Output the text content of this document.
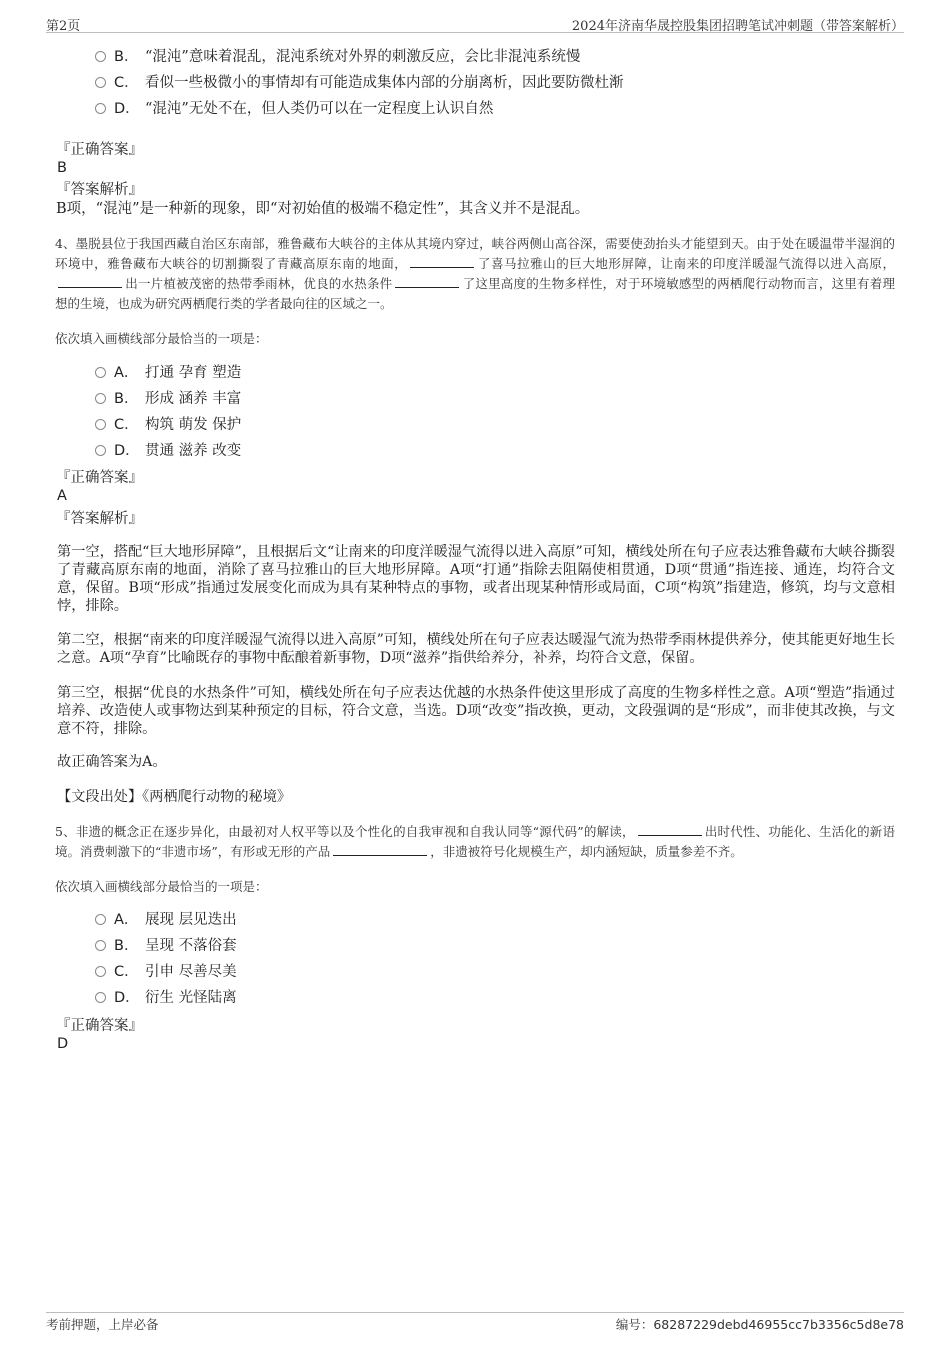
第2页	2024年济南华晟控股集团招聘笔试冲刺题（带答案解析）
B． “混沌”意味着混乱，混沌系统对外界的刺激反应，会比非混沌系统慢
C． 看似一些极微小的事情却有可能造成集体内部的分崩离析，因此要防微杜渐
D． “混沌”无处不在，但人类仍可以在一定程度上认识自然
『正确答案』
B
『答案解析』
B项，“混沌”是一种新的现象，即“对初始值的极端不稳定性”，其含义并不是混乱。
4、墨脱县位于我国西藏自治区东南部，雅鲁藏布大峡谷的主体从其境内穿过，峡谷两侧山高谷深，需要使劲抬头才能望到天。由于处在暖温带半湿润的环境中，雅鲁藏布大峡谷的切割撕裂了青藏高原东南的地面，	了喜马拉雅山的巨大地形屏障，让南来的印度洋暖湿气流得以进入高原，出一片植被茂密的热带季雨林，优良的水热条件	了这里高度的生物多样性，对于环境敏感型的两栖爬行动物而言，这里有着理想的生境，也成为研究两栖爬行类的学者最向往的区域之一。
依次填入画横线部分最恰当的一项是：
A． 打通 孕育 塑造
B． 形成 涵养 丰富
C． 构筑 萌发 保护
D． 贯通 滋养 改变
『正确答案』
A
『答案解析』
第一空，搭配“巨大地形屏障”，且根据后文“让南来的印度洋暖湿气流得以进入高原”可知，横线处所在句子应表达雅鲁藏布大峡谷撕裂了青藏高原东南的地面，消除了喜马拉雅山的巨大地形屏障。A项“打通”指除去阻隔使相贯通，D项“贯通”指连接、通连，均符合文意，保留。B项“形成”指通过发展变化而成为具有某种特点的事物，或者出现某种情形或局面，C项“构筑”指建造，修筑，均与文意相悖，排除。
第二空，根据“南来的印度洋暖湿气流得以进入高原”可知，横线处所在句子应表达暖湿气流为热带季雨林提供养分，使其能更好地生长之意。A项“孕育”比喻既存的事物中酝酿着新事物，D项“滋养”指供给养分，补养，均符合文意，保留。
第三空，根据“优良的水热条件”可知，横线处所在句子应表达优越的水热条件使这里形成了高度的生物多样性之意。A项“塑造”指通过培养、改造使人或事物达到某种预定的目标，符合文意，当选。D项“改变”指改换，更动，文段强调的是“形成”，而非使其改换，与文意不符，排除。
故正确答案为A。
【文段出处】《两栖爬行动物的秘境》
5、非遗的概念正在逐步异化，由最初对人权平等以及个性化的自我审视和自我认同等“源代码”的解读，	出时代性、功能化、生活化的新语境。消费刺激下的“非遗市场”，有形或无形的产品	，非遗被符号化规模生产，却内涵短缺，质量参差不齐。
依次填入画横线部分最恰当的一项是：
A． 展现 层见迭出
B． 呈现 不落俗套
C． 引申 尽善尽美
D． 衍生 光怪陆离
『正确答案』
D
考前押题，上岸必备	编号：68287229debd46955cc7b3356c5d8e78
